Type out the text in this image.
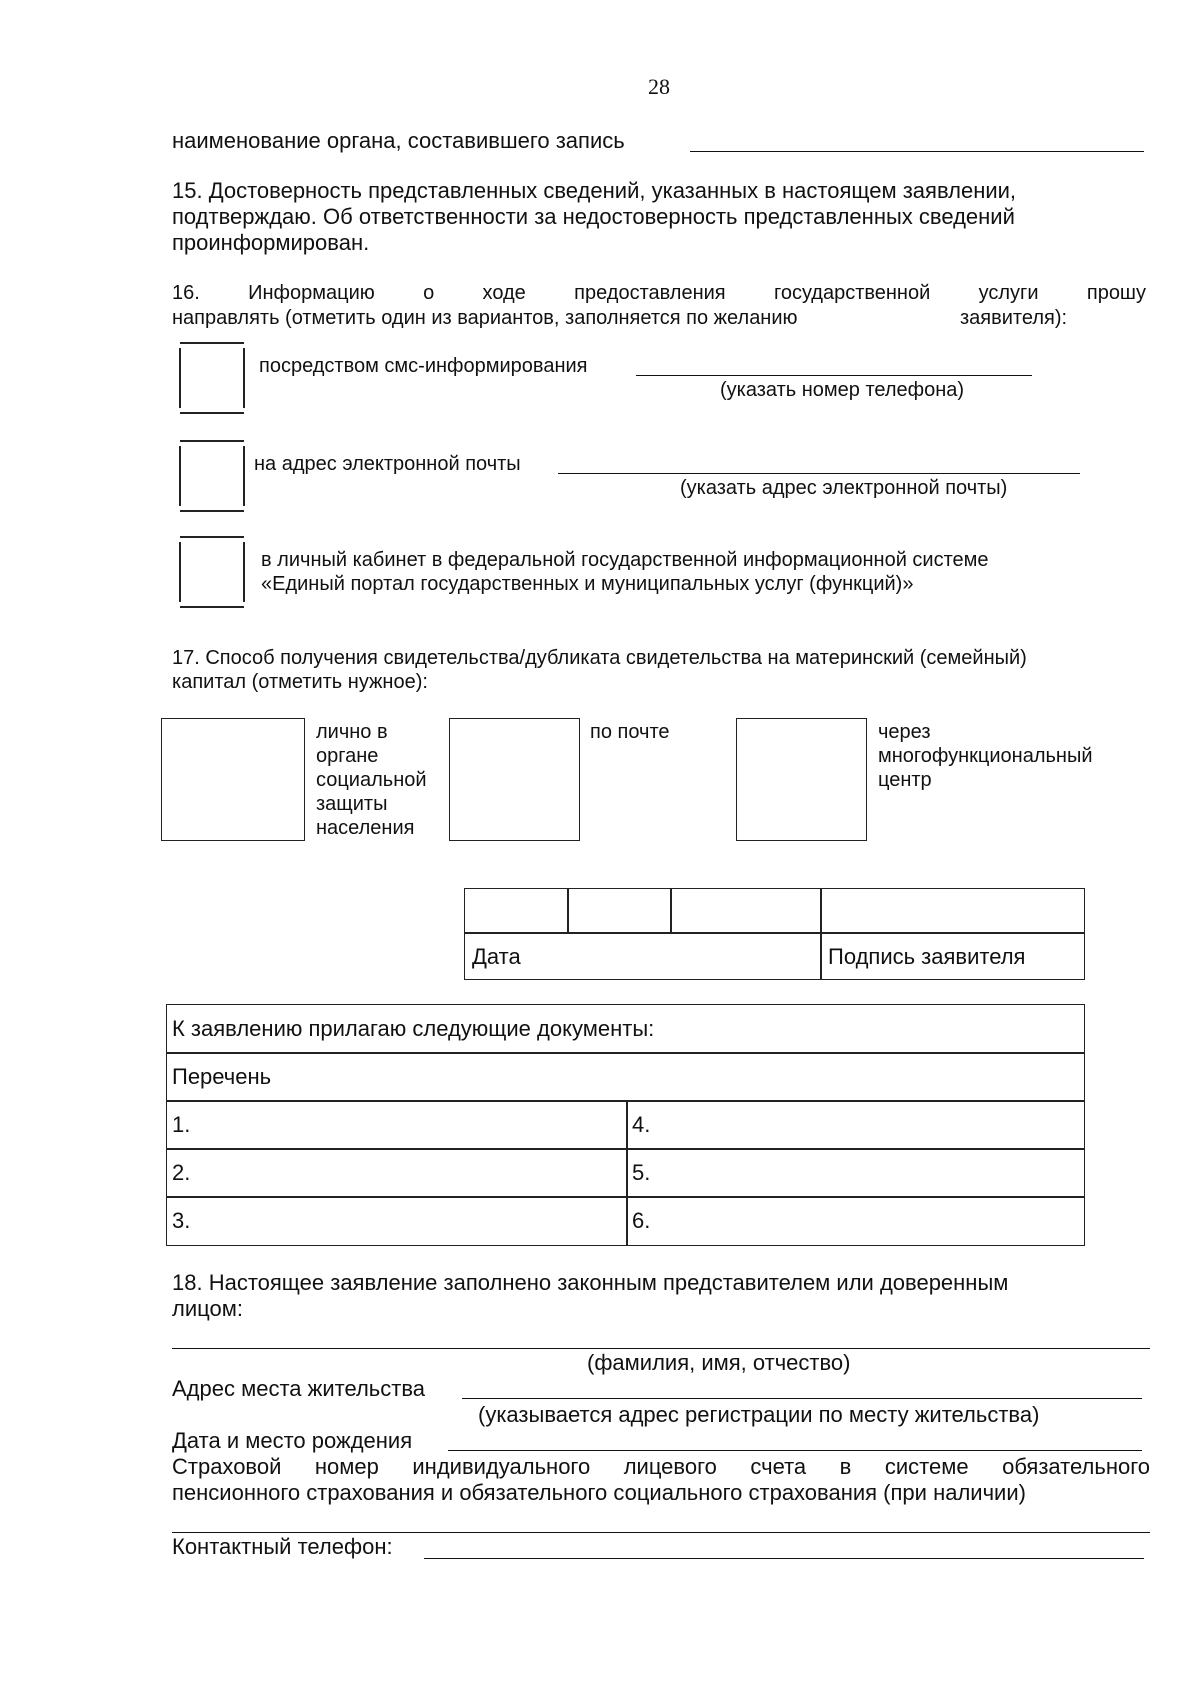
28
наименование органа, составившего запись
15. Достоверность представленных сведений, указанных в настоящем заявлении,
подтверждаю. Об ответственности за недостоверность представленных сведений
проинформирован.
16. Информацию о ходе предоставления государственной услуги прошу
направлять (отметить один из вариантов, заполняется по желанию	заявителя):
посредством смс-информирования
(указать номер телефона)
на адрес электронной почты
(указать адрес электронной почты)
в личный кабинет в федеральной государственной информационной системе
«Единый портал государственных и муниципальных услуг (функций)»
17. Способ получения свидетельства/дубликата свидетельства на материнский (семейный)
капитал (отметить нужное):
лично в
органе
социальной
защиты
населения
по почте	через
многофункциональный
центр
Дата	Подпись заявителя
К заявлению прилагаю следующие документы:
Перечень
1.	4.
2.	5.
3.	6.
18. Настоящее заявление заполнено законным представителем или доверенным
лицом:
(фамилия, имя, отчество)
Адрес места жительства
(указывается адрес регистрации по месту жительства)
Дата и место рождения
Страховой номер индивидуального лицевого счета в системе обязательного
пенсионного страхования и обязательного социального страхования (при наличии)
Контактный телефон:
